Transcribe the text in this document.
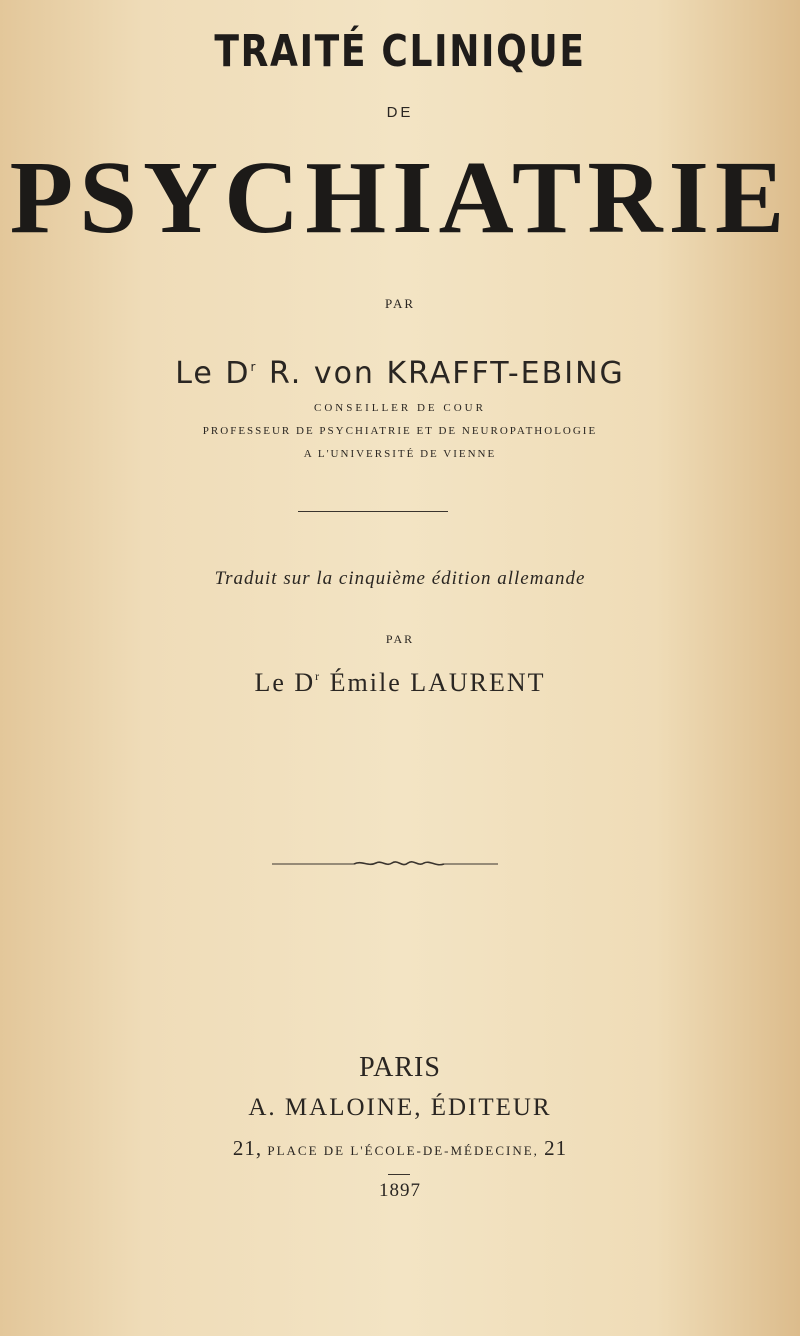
TRAITÉ CLINIQUE
DE
PSYCHIATRIE
PAR
Le $D^r$ R. von KRAFFT-EBING
CONSEILLER DE COUR
PROFESSEUR DE PSYCHIATRIE ET DE NEUROPATHOLOGIE
A L'UNIVERSITÉ DE VIENNE
Traduit sur la cinquième édition allemande
PAR
Le $D^r$ Émile LAURENT
PARIS
A. MALOINE, ÉDITEUR
21, PLACE DE L'ÉCOLE-DE-MÉDECINE, 21
1897
